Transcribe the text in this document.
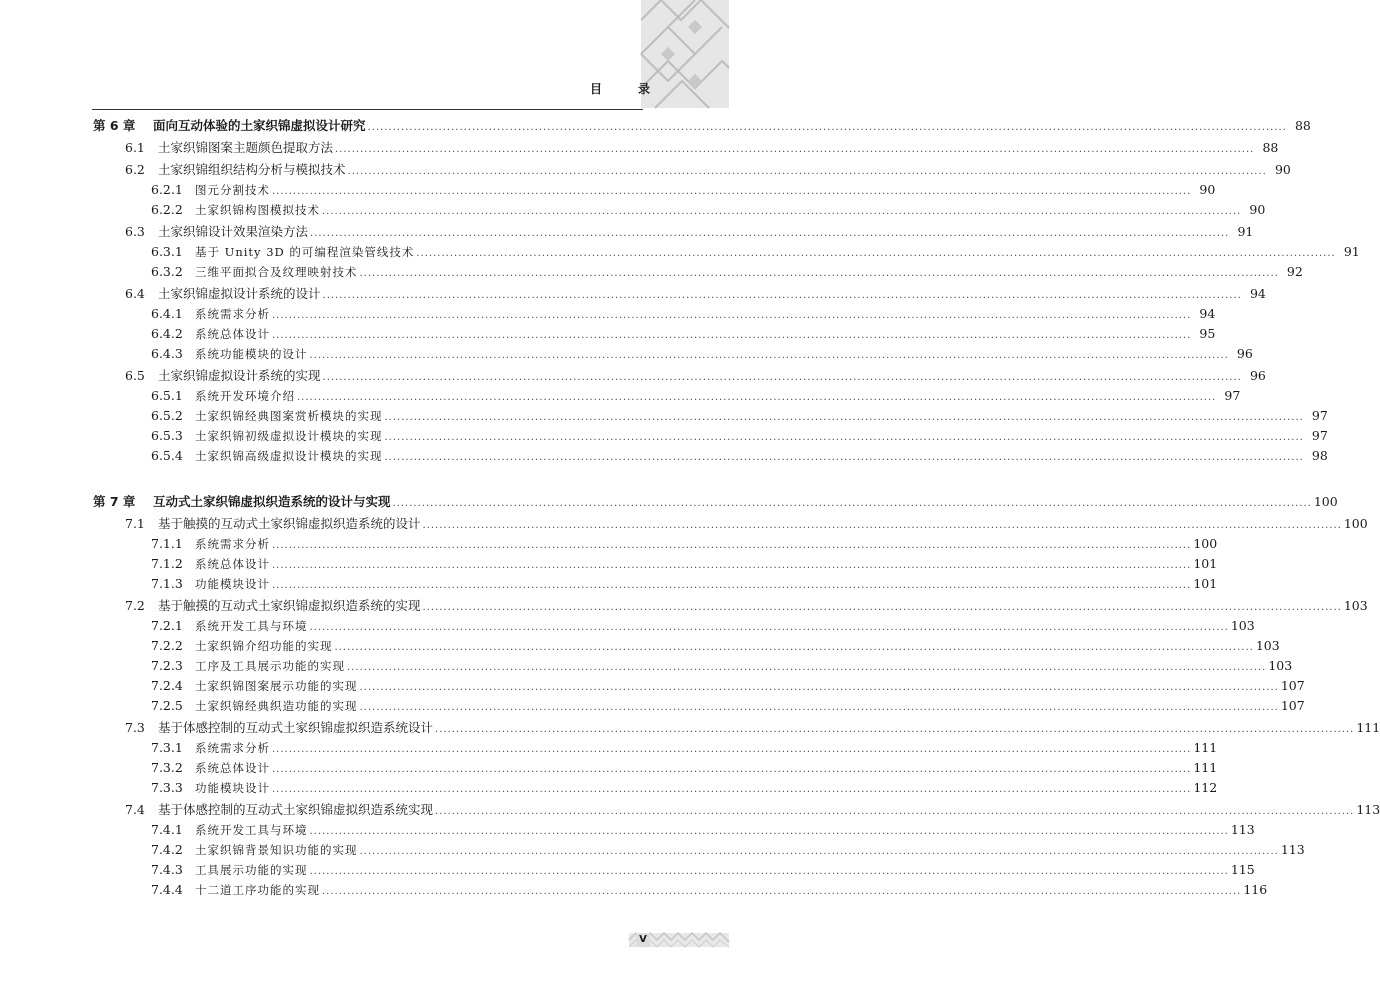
目	录
第 6 章	面向互动体验的土家织锦虚拟设计研究 ............................................................................................................................................................................................................................ 88
6.1	土家织锦图案主题颜色提取方法 ............................................................................................................................................................................................................................ 88
6.2	土家织锦组织结构分析与模拟技术 ............................................................................................................................................................................................................................ 90
6.2.1	图元分割技术 ............................................................................................................................................................................................................................ 90
6.2.2	土家织锦构图模拟技术 ............................................................................................................................................................................................................................ 90
6.3	土家织锦设计效果渲染方法 ............................................................................................................................................................................................................................ 91
6.3.1	基于 Unity 3D 的可编程渲染管线技术 ............................................................................................................................................................................................................................ 91
6.3.2	三维平面拟合及纹理映射技术 ............................................................................................................................................................................................................................ 92
6.4	土家织锦虚拟设计系统的设计 ............................................................................................................................................................................................................................ 94
6.4.1	系统需求分析 ............................................................................................................................................................................................................................ 94
6.4.2	系统总体设计 ............................................................................................................................................................................................................................ 95
6.4.3	系统功能模块的设计 ............................................................................................................................................................................................................................ 96
6.5	土家织锦虚拟设计系统的实现 ............................................................................................................................................................................................................................ 96
6.5.1	系统开发环境介绍 ............................................................................................................................................................................................................................ 97
6.5.2	土家织锦经典图案赏析模块的实现 ............................................................................................................................................................................................................................ 97
6.5.3	土家织锦初级虚拟设计模块的实现 ............................................................................................................................................................................................................................ 97
6.5.4	土家织锦高级虚拟设计模块的实现 ............................................................................................................................................................................................................................ 98
第 7 章	互动式土家织锦虚拟织造系统的设计与实现 ............................................................................................................................................................................................................................ 100
7.1	基于触摸的互动式土家织锦虚拟织造系统的设计 ............................................................................................................................................................................................................................ 100
7.1.1	系统需求分析 ............................................................................................................................................................................................................................ 100
7.1.2	系统总体设计 ............................................................................................................................................................................................................................ 101
7.1.3	功能模块设计 ............................................................................................................................................................................................................................ 101
7.2	基于触摸的互动式土家织锦虚拟织造系统的实现 ............................................................................................................................................................................................................................ 103
7.2.1	系统开发工具与环境 ............................................................................................................................................................................................................................ 103
7.2.2	土家织锦介绍功能的实现 ............................................................................................................................................................................................................................ 103
7.2.3	工序及工具展示功能的实现 ............................................................................................................................................................................................................................ 103
7.2.4	土家织锦图案展示功能的实现 ............................................................................................................................................................................................................................ 107
7.2.5	土家织锦经典织造功能的实现 ............................................................................................................................................................................................................................ 107
7.3	基于体感控制的互动式土家织锦虚拟织造系统设计 ............................................................................................................................................................................................................................ 111
7.3.1	系统需求分析 ............................................................................................................................................................................................................................ 111
7.3.2	系统总体设计 ............................................................................................................................................................................................................................ 111
7.3.3	功能模块设计 ............................................................................................................................................................................................................................ 112
7.4	基于体感控制的互动式土家织锦虚拟织造系统实现 ............................................................................................................................................................................................................................ 113
7.4.1	系统开发工具与环境 ............................................................................................................................................................................................................................ 113
7.4.2	土家织锦背景知识功能的实现 ............................................................................................................................................................................................................................ 113
7.4.3	工具展示功能的实现 ............................................................................................................................................................................................................................ 115
7.4.4	十二道工序功能的实现 ............................................................................................................................................................................................................................ 116
V
